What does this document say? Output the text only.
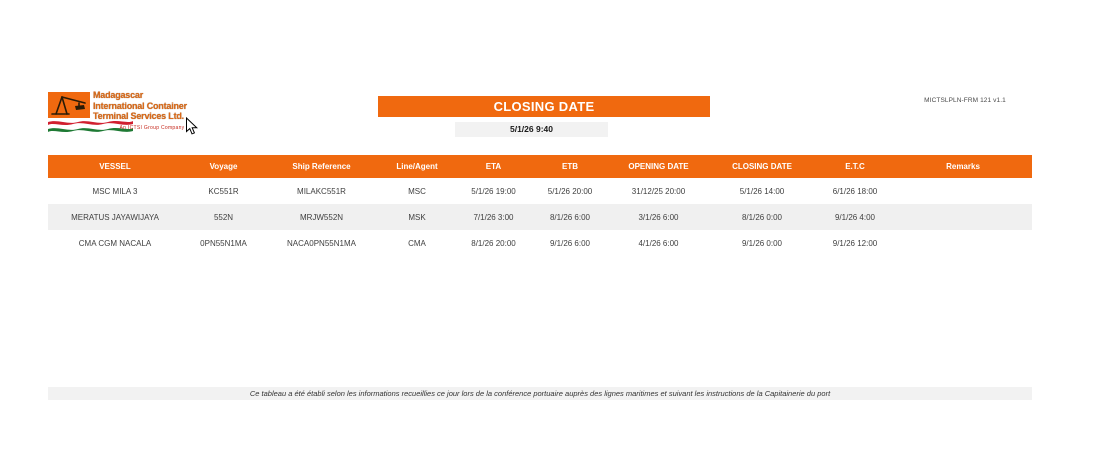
Madagascar
International Container
Terminal Services Ltd.
An ICTSI Group Company
CLOSING DATE
5/1/26 9:40
MICTSLPLN-FRM 121 v1.1
VESSEL	Voyage	Ship Reference	Line/Agent	ETA	ETB	OPENING DATE	CLOSING DATE	E.T.C	Remarks
MSC MILA 3	KC551R	MILAKC551R	MSC	5/1/26 19:00	5/1/26 20:00	31/12/25 20:00	5/1/26 14:00	6/1/26 18:00	
MERATUS JAYAWIJAYA	552N	MRJW552N	MSK	7/1/26 3:00	8/1/26 6:00	3/1/26 6:00	8/1/26 0:00	9/1/26 4:00	
CMA CGM NACALA	0PN55N1MA	NACA0PN55N1MA	CMA	8/1/26 20:00	9/1/26 6:00	4/1/26 6:00	9/1/26 0:00	9/1/26 12:00	
Ce tableau a été établi selon les informations recueillies ce jour lors de la conférence portuaire auprès des lignes maritimes et suivant les instructions de la Capitainerie du port
